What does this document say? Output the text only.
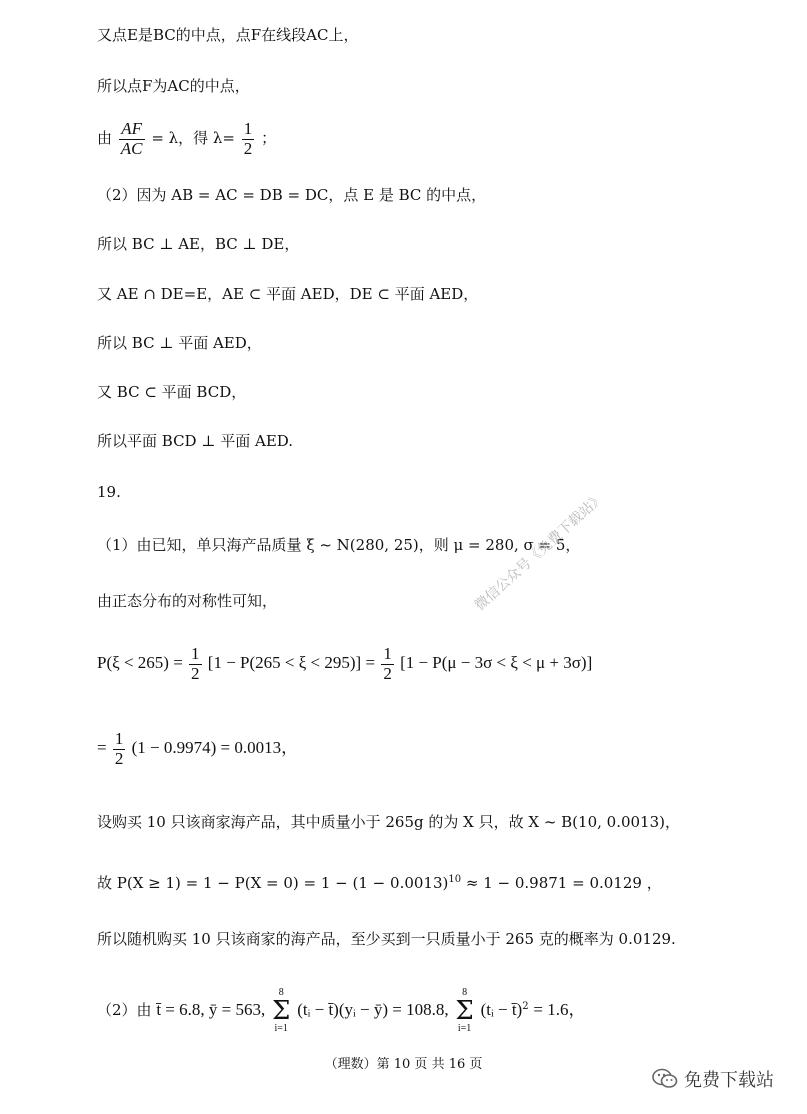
又点E是BC的中点，点F在线段AC上，
所以点F为AC的中点，
由 $\frac{AF}{AC} = \lambda$，得 $\lambda= \frac{1}{2}$ ；
（2）因为 AB = AC = DB = DC，点 E 是 BC 的中点，
所以 BC ⊥ AE，BC ⊥ DE，
又 AE ∩ DE=E，AE ⊂ 平面 AED，DE ⊂ 平面 AED，
所以 BC ⊥ 平面 AED，
又 BC ⊂ 平面 BCD，
所以平面 BCD ⊥ 平面 AED.
19.
（1）由已知，单只海产品质量 ξ ~ N(280, 25)，则 μ = 280, σ = 5，
由正态分布的对称性可知，
$P(\xi < 265) = \frac{1}{2} [1 - P(265 < \xi < 295)] = \frac{1}{2} [1 - P(\mu - 3\sigma < \xi < \mu + 3\sigma)]$
= $\frac{1}{2} (1 - 0.9974) = 0.0013$，
设购买 10 只该商家海产品，其中质量小于 265g 的为 X 只，故 X ~ B(10, 0.0013)，
故 $P(X \ge 1) = 1 - P(X = 0) = 1 - (1 - 0.0013)^{10} \approx 1 - 0.9871 = 0.0129$ ，
所以随机购买 10 只该商家的海产品，至少买到一只质量小于 265 克的概率为 0.0129.
（2）由 t̄ = 6.8, ȳ = 563,
8
Σ
i=1
(tᵢ − t̄)(yᵢ − ȳ) = 108.8,
8
Σ
i=1
(tᵢ − t̄)$^2$ = 1.6，
微信公众号《免费下载站》
（理数）第 10 页 共 16 页
免费下载站
